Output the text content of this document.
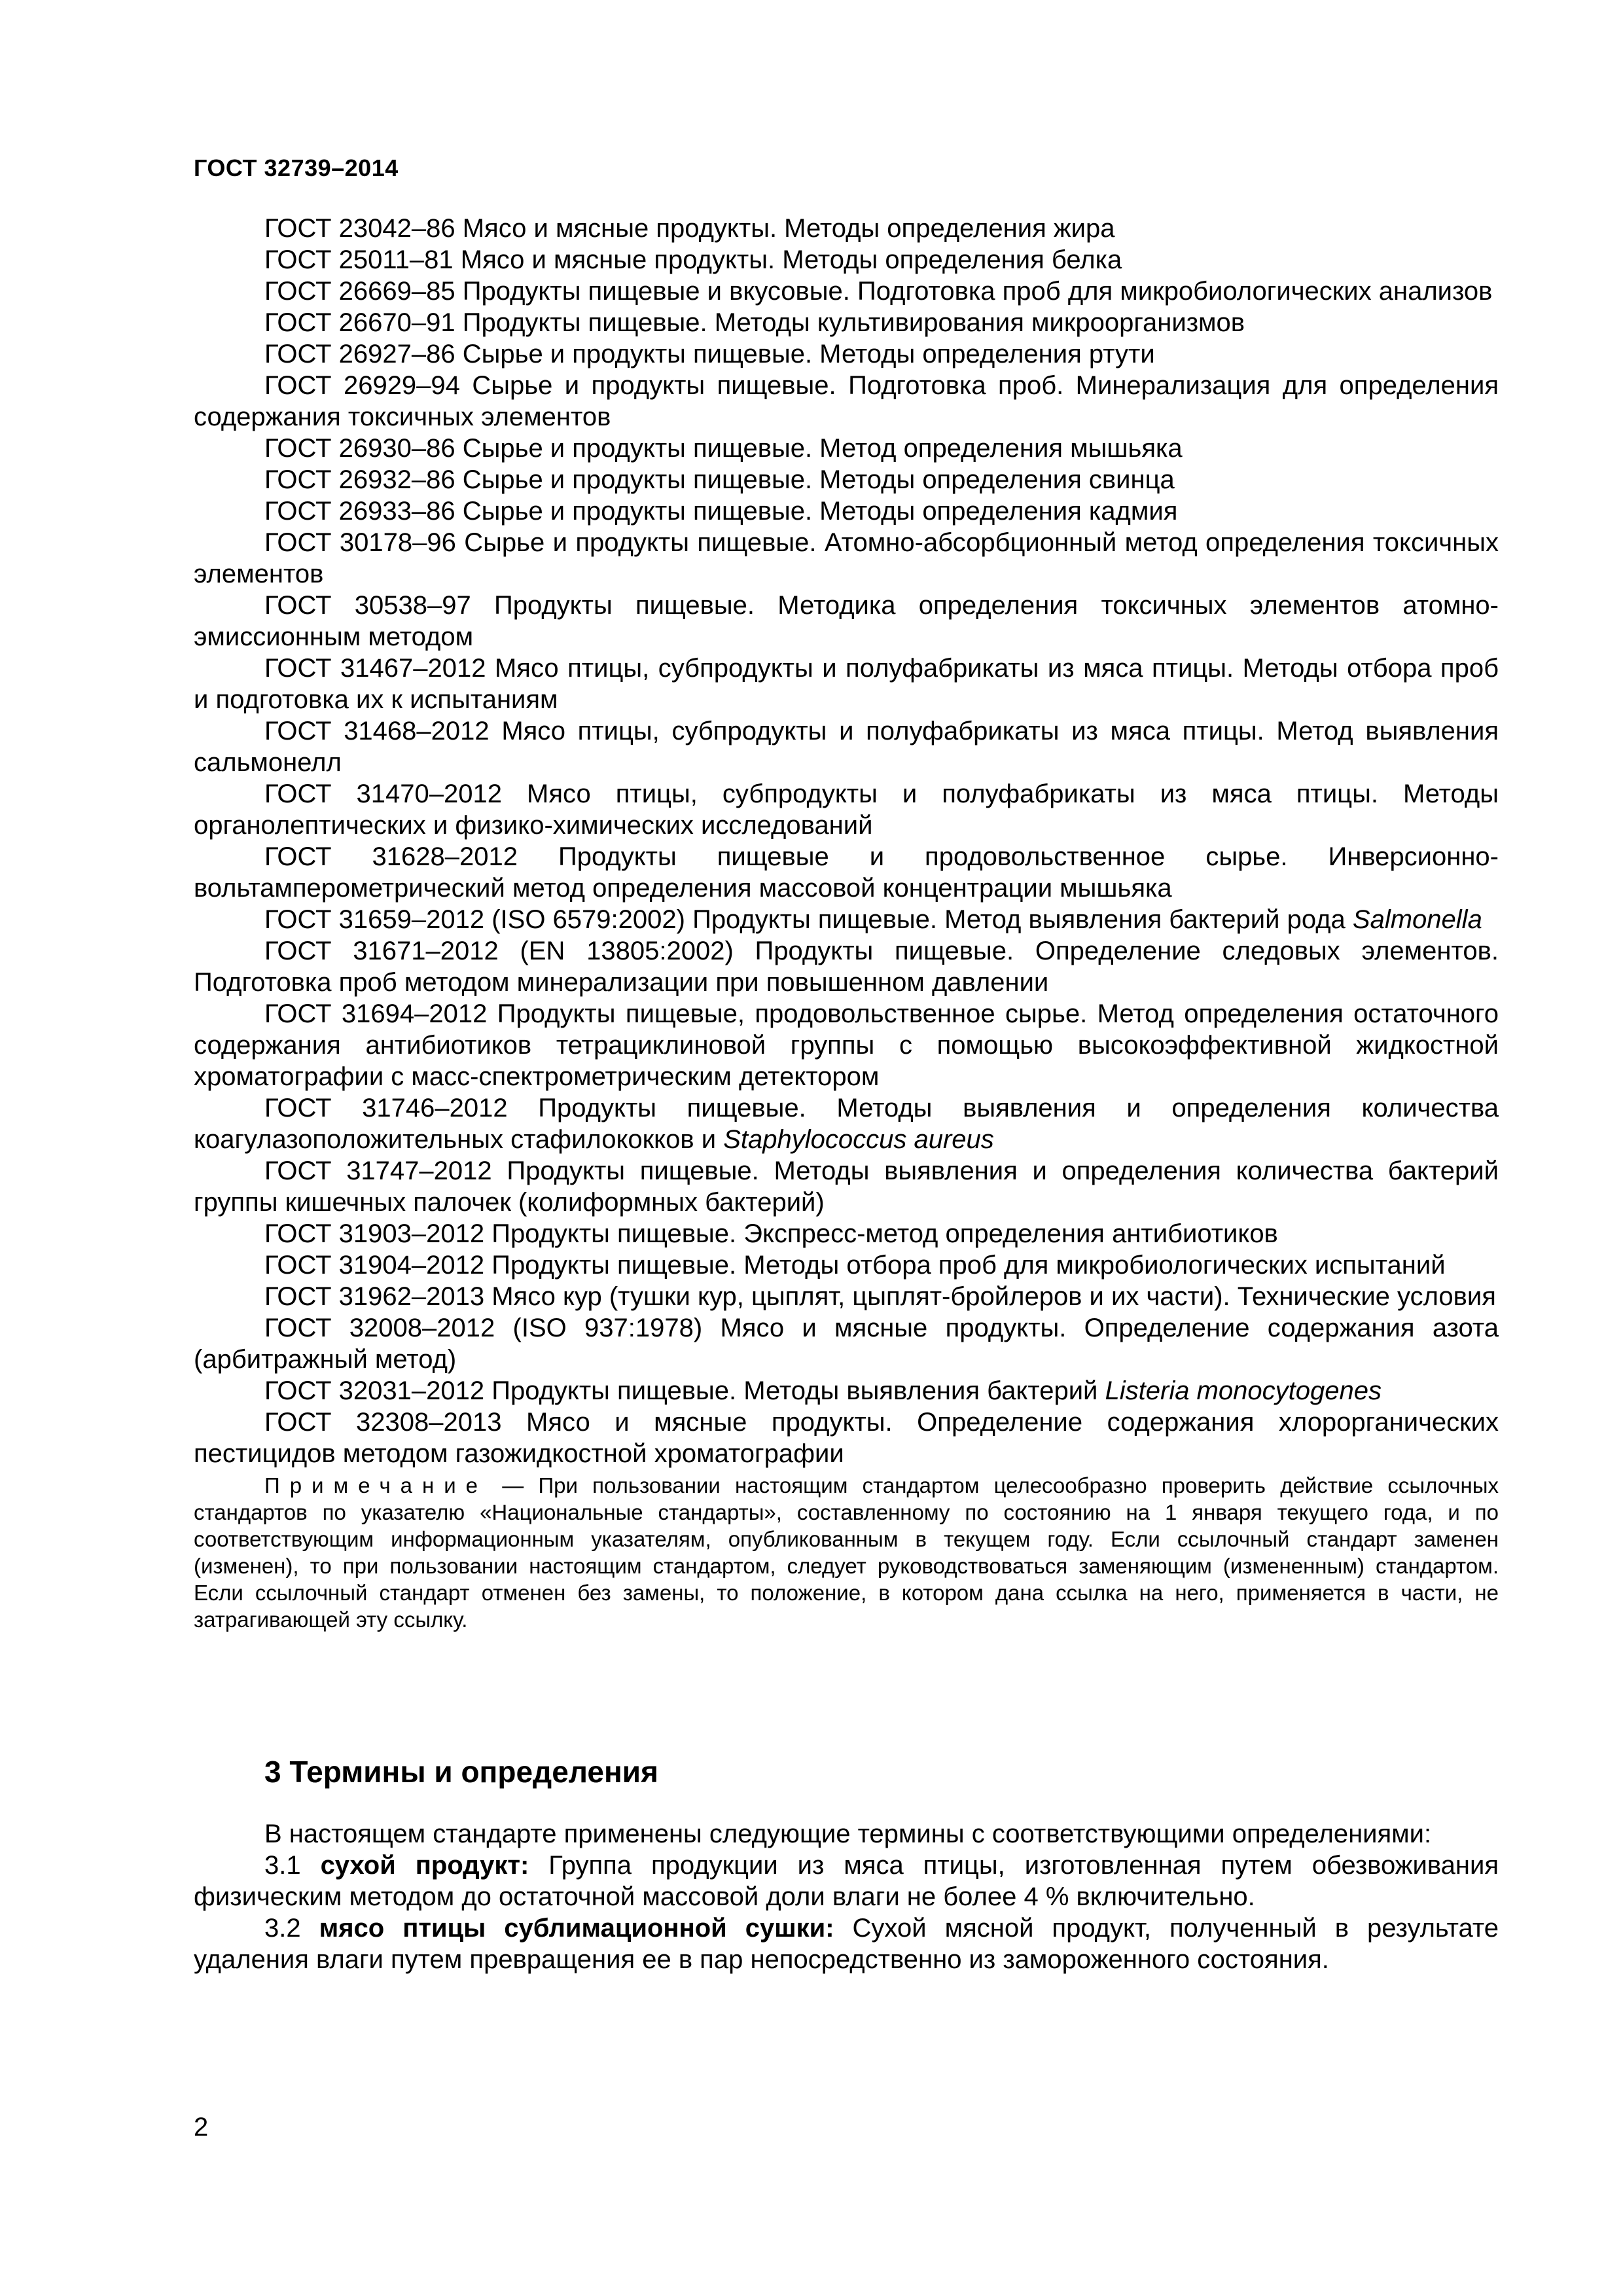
ГОСТ 32739–2014

ГОСТ 23042–86 Мясо и мясные продукты. Методы определения жира

ГОСТ 25011–81 Мясо и мясные продукты. Методы определения белка

ГОСТ 26669–85 Продукты пищевые и вкусовые. Подготовка проб для микробиологических анализов

ГОСТ 26670–91 Продукты пищевые. Методы культивирования микроорганизмов

ГОСТ 26927–86 Сырье и продукты пищевые. Методы определения ртути

ГОСТ 26929–94 Сырье и продукты пищевые. Подготовка проб. Минерализация для определения содержания токсичных элементов

ГОСТ 26930–86 Сырье и продукты пищевые. Метод определения мышьяка

ГОСТ 26932–86 Сырье и продукты пищевые. Методы определения свинца

ГОСТ 26933–86 Сырье и продукты пищевые. Методы определения кадмия

ГОСТ 30178–96 Сырье и продукты пищевые. Атомно-абсорбционный метод определения токсичных элементов

ГОСТ 30538–97 Продукты пищевые. Методика определения токсичных элементов атомно-эмиссионным методом

ГОСТ 31467–2012 Мясо птицы, субпродукты и полуфабрикаты из мяса птицы. Методы отбора проб и подготовка их к испытаниям

ГОСТ 31468–2012 Мясо птицы, субпродукты и полуфабрикаты из мяса птицы. Метод выявления сальмонелл

ГОСТ 31470–2012 Мясо птицы, субпродукты и полуфабрикаты из мяса птицы. Методы органолептических и физико-химических исследований

ГОСТ 31628–2012 Продукты пищевые и продовольственное сырье. Инверсионно-вольтамперометрический метод определения массовой концентрации мышьяка

ГОСТ 31659–2012 (ISO 6579:2002) Продукты пищевые. Метод выявления бактерий рода Salmonella

ГОСТ 31671–2012 (EN 13805:2002) Продукты пищевые. Определение следовых элементов. Подготовка проб методом минерализации при повышенном давлении

ГОСТ 31694–2012 Продукты пищевые, продовольственное сырье. Метод определения остаточного содержания антибиотиков тетрациклиновой группы с помощью высокоэффективной жидкостной хроматографии с масс-спектрометрическим детектором

ГОСТ 31746–2012 Продукты пищевые. Методы выявления и определения количества коагулазоположительных стафилококков и Staphylococcus aureus

ГОСТ 31747–2012 Продукты пищевые. Методы выявления и определения количества бактерий группы кишечных палочек (колиформных бактерий)

ГОСТ 31903–2012 Продукты пищевые. Экспресс-метод определения антибиотиков

ГОСТ 31904–2012 Продукты пищевые. Методы отбора проб для микробиологических испытаний

ГОСТ 31962–2013 Мясо кур (тушки кур, цыплят, цыплят-бройлеров и их части). Технические условия

ГОСТ 32008–2012 (ISO 937:1978) Мясо и мясные продукты. Определение содержания азота (арбитражный метод)

ГОСТ 32031–2012 Продукты пищевые. Методы выявления бактерий Listeria monocytogenes

ГОСТ 32308–2013 Мясо и мясные продукты. Определение содержания хлорорганических пестицидов методом газожидкостной хроматографии

Примечание — При пользовании настоящим стандартом целесообразно проверить действие ссылочных стандартов по указателю «Национальные стандарты», составленному по состоянию на 1 января текущего года, и по соответствующим информационным указателям, опубликованным в текущем году. Если ссылочный стандарт заменен (изменен), то при пользовании настоящим стандартом, следует руководствоваться заменяющим (измененным) стандартом. Если ссылочный стандарт отменен без замены, то положение, в котором дана ссылка на него, применяется в части, не затрагивающей эту ссылку.

3 Термины и определения

В настоящем стандарте применены следующие термины с соответствующими определениями:

3.1 сухой продукт: Группа продукции из мяса птицы, изготовленная путем обезвоживания физическим методом до остаточной массовой доли влаги не более 4 % включительно.

3.2 мясо птицы сублимационной сушки: Сухой мясной продукт, полученный в результате удаления влаги путем превращения ее в пар непосредственно из замороженного состояния.

2
